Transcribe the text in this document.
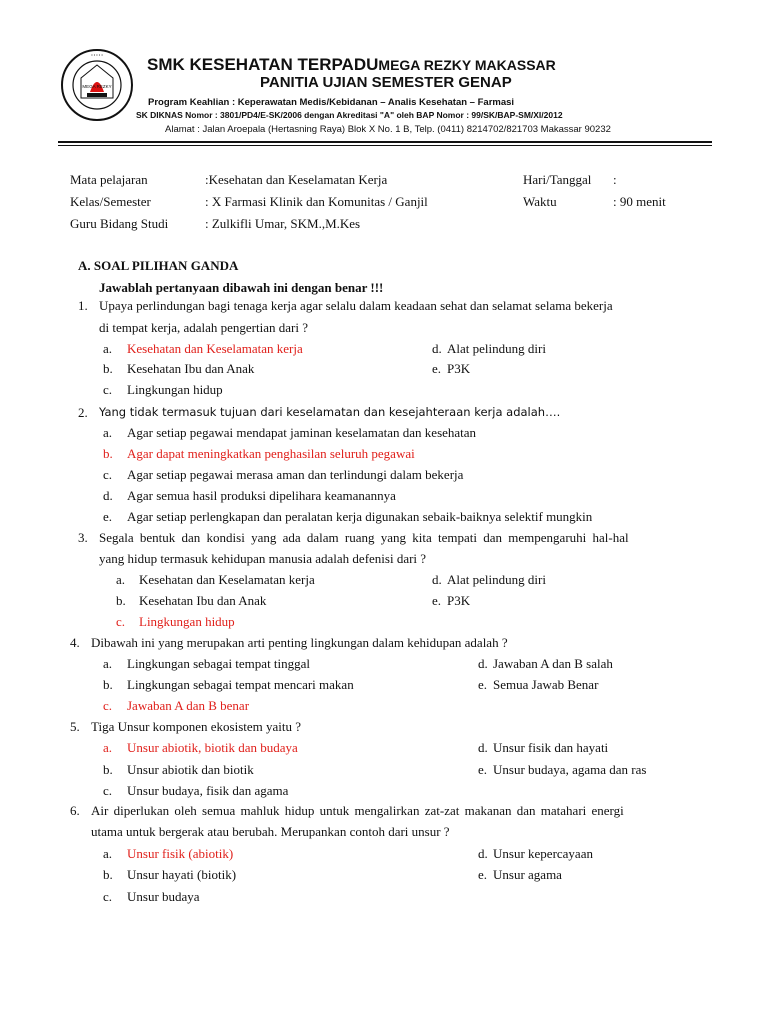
MEGA REZKY
• • • • •
SMK KESEHATAN TERPADUMEGA REZKY MAKASSAR
PANITIA UJIAN SEMESTER GENAP
Program Keahlian : Keperawatan Medis/Kebidanan – Analis Kesehatan – Farmasi
SK DIKNAS Nomor : 3801/PD4/E-SK/2006 dengan Akreditasi "A" oleh BAP Nomor : 99/SK/BAP-SM/XI/2012
Alamat : Jalan Aroepala (Hertasning Raya) Blok X No. 1 B, Telp. (0411) 8214702/821703 Makassar 90232
Mata pelajaran	:Kesehatan dan Keselamatan Kerja	Hari/Tanggal :
Kelas/Semester	: X Farmasi Klinik dan Komunitas / Ganjil	Waktu	: 90 menit
Guru Bidang Studi	: Zulkifli Umar, SKM.,M.Kes
A. SOAL PILIHAN GANDA
Jawablah pertanyaan dibawah ini dengan benar !!!
1. Upaya perlindungan bagi tenaga kerja agar selalu dalam keadaan sehat dan selamat selama bekerja
di tempat kerja, adalah pengertian dari ?
a. Kesehatan dan Keselamatan kerja
b. Kesehatan Ibu dan Anak
c. Lingkungan hidup
d. Alat pelindung diri
e. P3K
2. Yang tidak termasuk tujuan dari keselamatan dan kesejahteraan kerja adalah….
a. Agar setiap pegawai mendapat jaminan keselamatan dan kesehatan
b. Agar dapat meningkatkan penghasilan seluruh pegawai
c. Agar setiap pegawai merasa aman dan terlindungi dalam bekerja
d. Agar semua hasil produksi dipelihara keamanannya
e. Agar setiap perlengkapan dan peralatan kerja digunakan sebaik-baiknya selektif mungkin
3. Segala bentuk dan kondisi yang ada dalam ruang yang kita tempati dan mempengaruhi hal-hal
yang hidup termasuk kehidupan manusia adalah defenisi dari ?
a. Kesehatan dan Keselamatan kerja
b. Kesehatan Ibu dan Anak
c. Lingkungan hidup
d. Alat pelindung diri
e. P3K
4. Dibawah ini yang merupakan arti penting lingkungan dalam kehidupan adalah ?
a. Lingkungan sebagai tempat tinggal
b. Lingkungan sebagai tempat mencari makan
c. Jawaban A dan B benar
d. Jawaban A dan B salah
e. Semua Jawab Benar
5. Tiga Unsur komponen ekosistem yaitu ?
a. Unsur abiotik, biotik dan budaya
b. Unsur abiotik dan biotik
c. Unsur budaya, fisik dan agama
d. Unsur fisik dan hayati
e. Unsur budaya, agama dan ras
6. Air diperlukan oleh semua mahluk hidup untuk mengalirkan zat-zat makanan dan matahari energi
utama untuk bergerak atau berubah. Merupankan contoh dari unsur ?
a. Unsur fisik (abiotik)
b. Unsur hayati (biotik)
c. Unsur budaya
d. Unsur kepercayaan
e. Unsur agama
